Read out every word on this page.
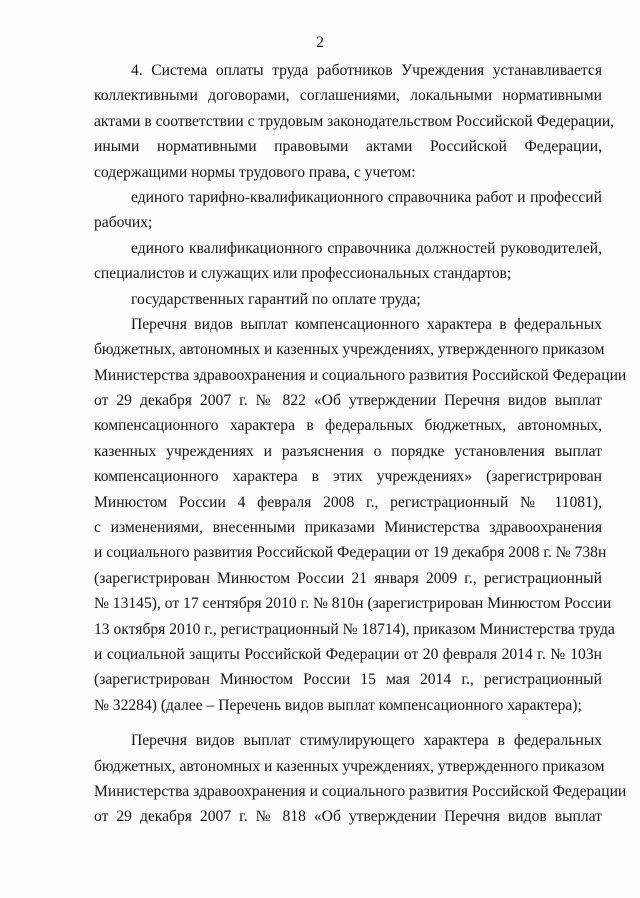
2
4. Система оплаты труда работников Учреждения устанавливается
коллективными договорами, соглашениями, локальными нормативными
актами в соответствии с трудовым законодательством Российской Федерации,
иными нормативными правовыми актами Российской Федерации,
содержащими нормы трудового права, с учетом:
единого тарифно-квалификационного справочника работ и профессий
рабочих;
единого квалификационного справочника должностей руководителей,
специалистов и служащих или профессиональных стандартов;
государственных гарантий по оплате труда;
Перечня видов выплат компенсационного характера в федеральных
бюджетных, автономных и казенных учреждениях, утвержденного приказом
Министерства здравоохранения и социального развития Российской Федерации
от 29 декабря 2007 г. № 822 «Об утверждении Перечня видов выплат
компенсационного характера в федеральных бюджетных, автономных,
казенных учреждениях и разъяснения о порядке установления выплат
компенсационного характера в этих учреждениях» (зарегистрирован
Минюстом России 4 февраля 2008 г., регистрационный № 11081),
с изменениями, внесенными приказами Министерства здравоохранения
и социального развития Российской Федерации от 19 декабря 2008 г. № 738н
(зарегистрирован Минюстом России 21 января 2009 г., регистрационный
№ 13145), от 17 сентября 2010 г. № 810н (зарегистрирован Минюстом России
13 октября 2010 г., регистрационный № 18714), приказом Министерства труда
и социальной защиты Российской Федерации от 20 февраля 2014 г. № 103н
(зарегистрирован Минюстом России 15 мая 2014 г., регистрационный
№ 32284) (далее – Перечень видов выплат компенсационного характера);
Перечня видов выплат стимулирующего характера в федеральных
бюджетных, автономных и казенных учреждениях, утвержденного приказом
Министерства здравоохранения и социального развития Российской Федерации
от 29 декабря 2007 г. № 818 «Об утверждении Перечня видов выплат
